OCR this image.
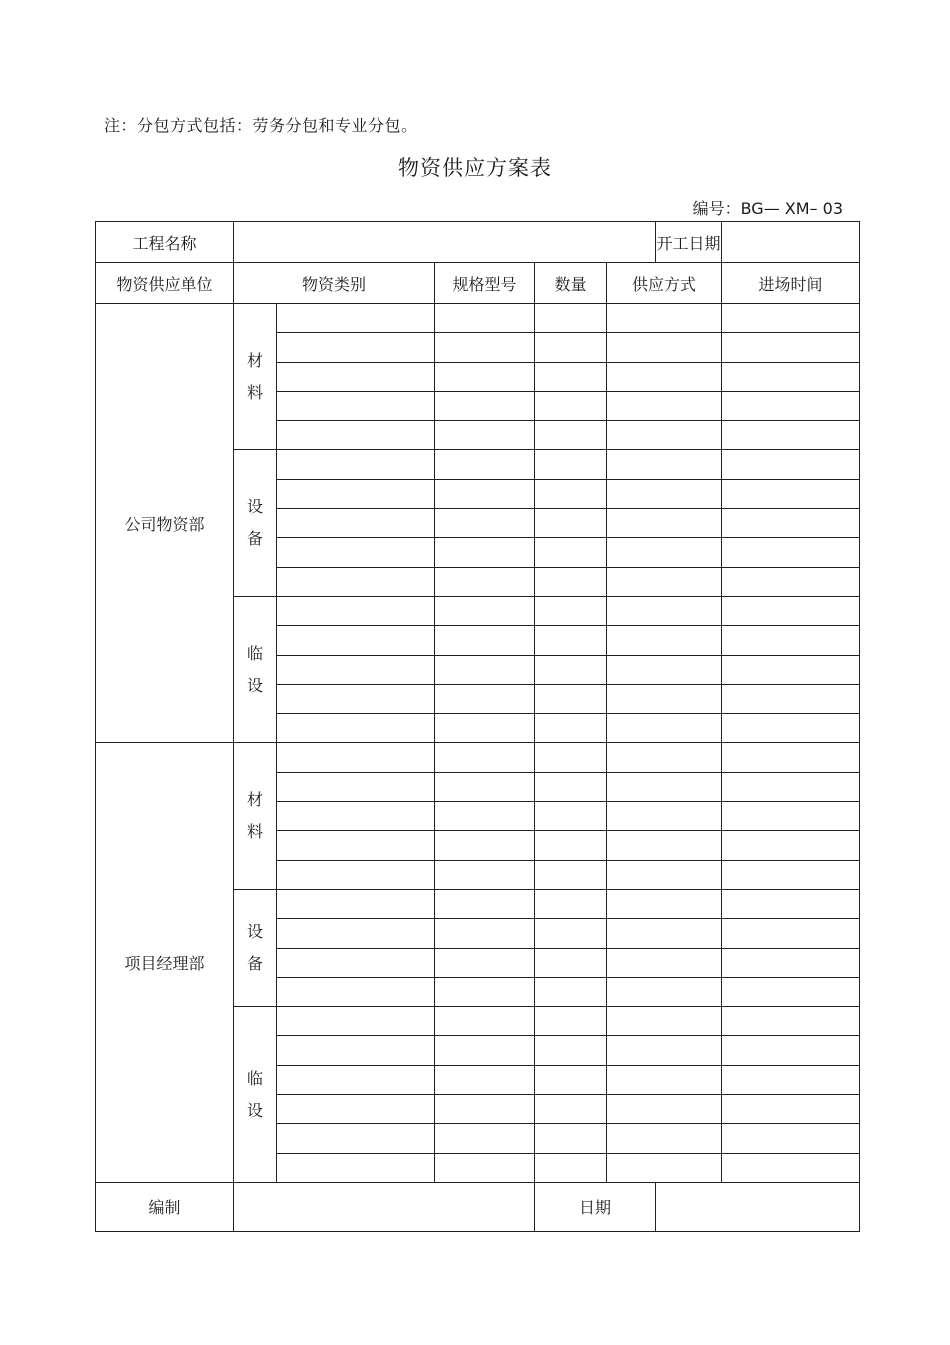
注：分包方式包括：劳务分包和专业分包。
物资供应方案表
编号：BG— XM– 03
工程名称						开工日期	
物资供应单位	物资类别		规格型号	数量	供应方式		进场时间
公司物资部	材
料						

	设
备						

	临
设						

项目经理部	材
料						

	设
备						

	临
设						

编制				日期			
